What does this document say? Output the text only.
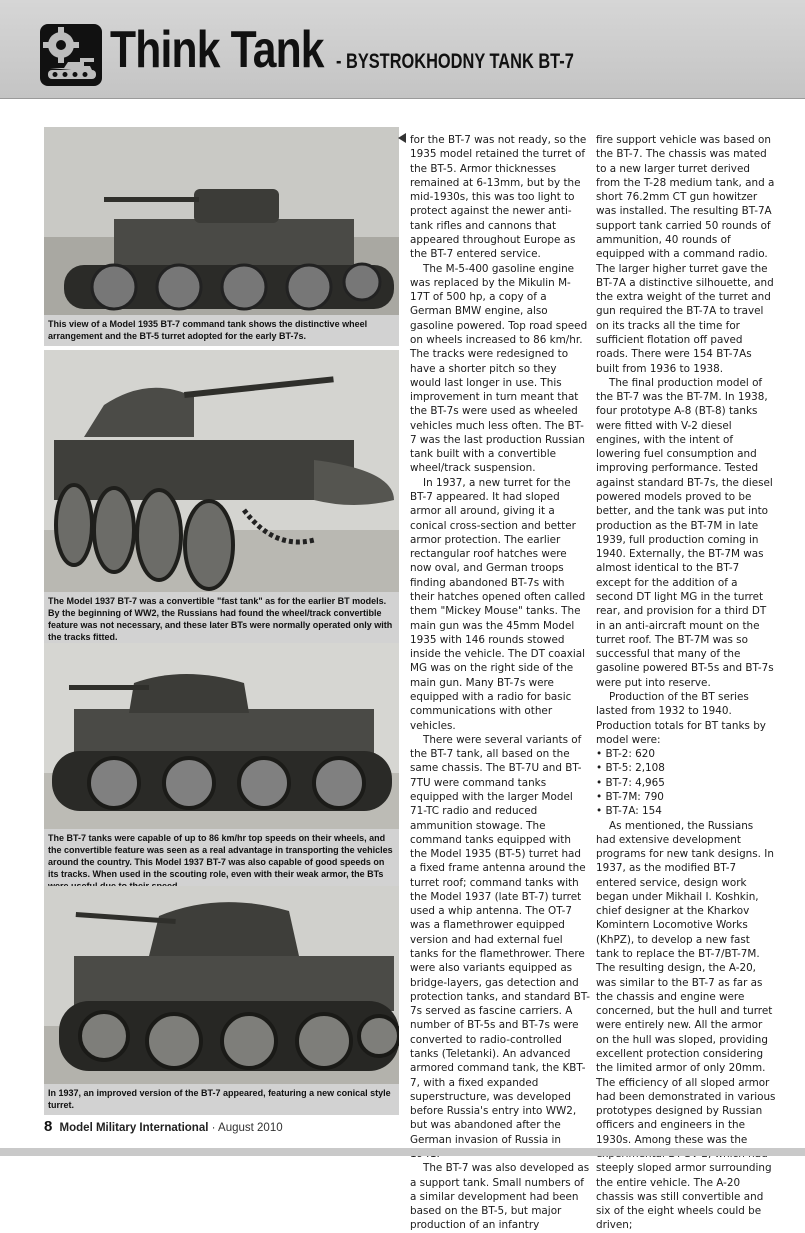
Think Tank - BYSTROKHODNY TANK BT-7
This view of a Model 1935 BT-7 command tank shows the distinctive wheel arrangement and the BT-5 turret adopted for the early BT-7s.
The Model 1937 BT-7 was a convertible "fast tank" as for the earlier BT models. By the beginning of WW2, the Russians had found the wheel/track convertible feature was not necessary, and these later BTs were normally operated only with the tracks fitted.
The BT-7 tanks were capable of up to 86 km/hr top speeds on their wheels, and the convertible feature was seen as a real advantage in transporting the vehicles around the country. This Model 1937 BT-7 was also capable of good speeds on its tracks. When used in the scouting role, even with their weak armor, the BTs
In 1937, an improved version of the BT-7 appeared, featuring a new conical style turret.

for the BT-7 was not ready, so the 1935 model retained the turret of the BT-5. Armor thicknesses remained at 6-13mm, but by the mid-1930s, this was too light to protect against the newer anti-tank rifles and cannons that appeared throughout Europe as the BT-7 entered service.

The M-5-400 gasoline engine was replaced by the Mikulin M-17T of 500 hp, a copy of a German BMW engine, also gasoline powered. Top road speed on wheels increased to 86 km/hr. The tracks were redesigned to have a shorter pitch so they would last longer in use. This improvement in turn meant that the BT-7s were used as wheeled vehicles much less often. The BT-7 was the last production Russian tank built with a convertible wheel/track suspension.

In 1937, a new turret for the BT-7 appeared. It had sloped armor all around, giving it a conical cross-section and better armor protection. The earlier rectangular roof hatches were now oval, and German troops finding abandoned BT-7s with their hatches opened often called them "Mickey Mouse" tanks. The main gun was the 45mm Model 1935 with 146 rounds stowed inside the vehicle. The DT coaxial MG was on the right side of the main gun. Many BT-7s were equipped with a radio for basic communications with other vehicles.

There were several variants of the BT-7 tank, all based on the same chassis. The BT-7U and BT-7TU were command tanks equipped with the larger Model 71-TC radio and reduced ammunition stowage. The command tanks equipped with the Model 1935 (BT-5) turret had a fixed frame antenna around the turret roof; command tanks with the Model 1937 (late BT-7) turret used a whip antenna. The OT-7 was a flamethrower equipped version and had external fuel tanks for the flamethrower. There were also variants equipped as bridge-layers, gas detection and protection tanks, and standard BT-7s served as fascine carriers. A number of BT-5s and BT-7s were converted to radio-controlled tanks (Teletanki). An advanced armored command tank, the KBT-7, with a fixed expanded superstructure, was developed before Russia's entry into WW2, but was abandoned after the German invasion of Russia in

The BT-7 was also developed as a support tank. Small numbers of a similar development had been based on the BT-5, but major production of an infantry

fire support vehicle was based on the BT-7. The chassis was mated to a new larger turret derived from the T-28 medium tank, and a short 76.2mm CT gun howitzer was installed. The resulting BT-7A support tank carried 50 rounds of ammunition, 40 rounds of equipped with a command radio. The larger higher turret gave the BT-7A a distinctive silhouette, and the extra weight of the turret and gun required the BT-7A to travel on its tracks all the time for sufficient flotation off paved roads. There were 154 BT-7As built from 1936 to 1938.

The final production model of the BT-7 was the BT-7M. In 1938, four prototype A-8 (BT-8) tanks were fitted with V-2 diesel engines, with the intent of lowering fuel consumption and improving performance. Tested against standard BT-7s, the diesel powered models proved to be better, and the tank was put into production as the BT-7M in late 1939, full production coming in 1940. Externally, the BT-7M was almost identical to the BT-7 except for the addition of a second DT light MG in the turret rear, and provision for a third DT in an anti-aircraft mount on the turret roof. The BT-7M was so successful that many of the gasoline powered BT-5s and BT-7s were put into reserve.

Production of the BT series lasted from 1932 to 1940. Production totals for BT tanks by model were:

• BT-2: 620
• BT-5: 2,108
• BT-7: 4,965
• BT-7M: 790
• BT-7A: 154

As mentioned, the Russians had extensive development programs for new tank designs. In 1937, as the modified BT-7 entered service, design work began under Mikhail I. Koshkin, chief designer at the Kharkov Komintern Locomotive Works (KhPZ), to develop a new fast tank to replace the BT-7/BT-7M. The resulting design, the A-20, was similar to the BT-7 as far as the chassis and engine were concerned, but the hull and turret were entirely new. All the armor on the hull was sloped, providing excellent protection considering the limited armor of only 20mm. The efficiency of all sloped armor had been demonstrated in various prototypes designed by Russian officers and engineers in the 1930s. Among these was the steeply sloped armor surrounding the entire vehicle. The A-20 chassis was still convertible and six of the eight wheels could be driven;

8 Model Military International · August 2010
